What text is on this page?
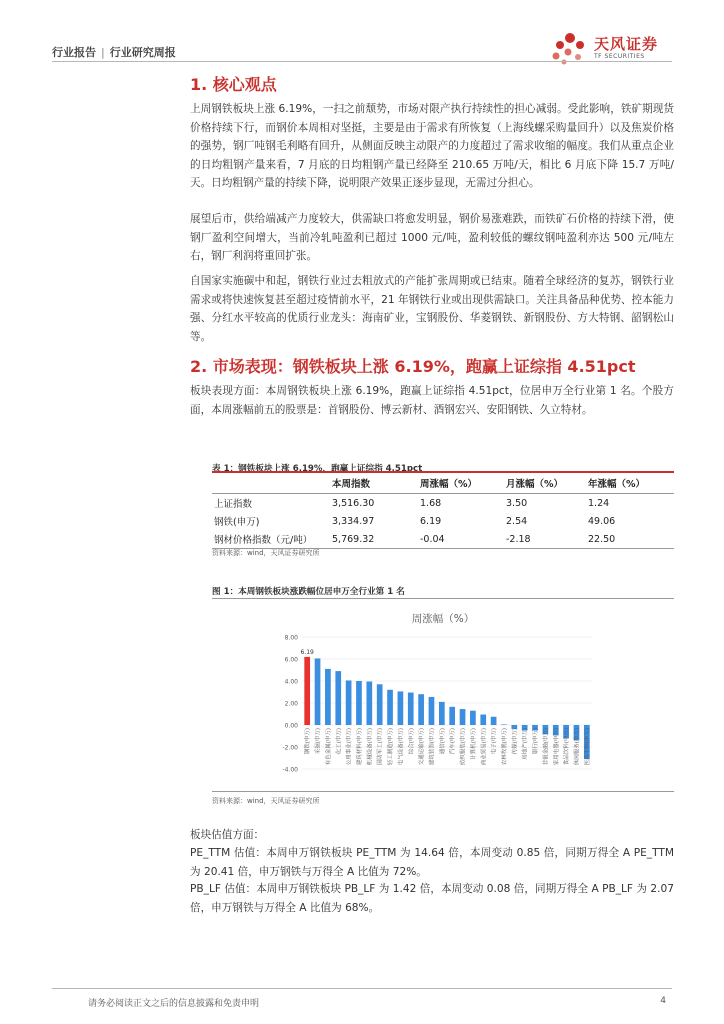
行业报告 | 行业研究周报	天风证券
TF SECURITIES
1. 核心观点
上周钢铁板块上涨 6.19%，一扫之前颓势，市场对限产执行持续性的担心减弱。受此影响，铁矿期现货价格持续下行，而钢价本周相对坚挺，主要是由于需求有所恢复（上海线螺采购量回升）以及焦炭价格的强势，钢厂吨钢毛利略有回升，从侧面反映主动限产的力度超过了需求收缩的幅度。我们从重点企业的日均粗钢产量来看，7 月底的日均粗钢产量已经降至 210.65 万吨/天，相比 6 月底下降 15.7 万吨/天。日均粗钢产量的持续下降，说明限产效果正逐步显现，无需过分担心。
展望后市，供给端减产力度较大，供需缺口将愈发明显，钢价易涨难跌，而铁矿石价格的持续下滑，使钢厂盈利空间增大，当前冷轧吨盈利已超过 1000 元/吨，盈利较低的螺纹钢吨盈利亦达 500 元/吨左右，钢厂利润将重回扩张。
自国家实施碳中和起，钢铁行业过去粗放式的产能扩张周期或已结束。随着全球经济的复苏，钢铁行业需求或将快速恢复甚至超过疫情前水平，21 年钢铁行业或出现供需缺口。关注具备品种优势、控本能力强、分红水平较高的优质行业龙头：海南矿业，宝钢股份、华菱钢铁、新钢股份、方大特钢、韶钢松山等。
2. 市场表现：钢铁板块上涨 6.19%，跑赢上证综指 4.51pct
板块表现方面：本周钢铁板块上涨 6.19%，跑赢上证综指 4.51pct，位居申万全行业第 1 名。个股方面，本周涨幅前五的股票是：首钢股份、博云新材、酒钢宏兴、安阳钢铁、久立特材。
表 1：钢铁板块上涨 6.19%，跑赢上证综指 4.51pct
	本周指数	周涨幅（%）	月涨幅（%）	年涨幅（%）
上证指数	3,516.30	1.68	3.50	1.24
钢铁(申万)	3,334.97	6.19	2.54	49.06
钢材价格指数（元/吨）	5,769.32	-0.04	-2.18	22.50
资料来源：wind，天风证券研究所
图 1：本周钢铁板块涨跌幅位居申万全行业第 1 名
周涨幅（%）
8.00
6.00
4.00
2.00
0.00
-2.00
-4.00
6.19
钢铁(申万) 采掘(申万) 有色金属(申万) 化工(申万) 公用事业(申万) 建筑材料(申万) 机械设备(申万) 国防军工(申万) 轻工制造(申万) 电气设备(申万) 综合(申万) 交通运输(申万) 建筑装饰(申万) 通信(申万) 汽车(申万) 纺织服装(申万) 计算机(申万) 商业贸易(申万) 电子(申万) 农林牧渔(申万) 传媒(申万) 房地产(申万) 银行(申万) 非银金融(申万) 家用电器(申万) 食品饮料(申万) 休闲服务(申万) 医药生物(申万)
资料来源：wind，天风证券研究所
板块估值方面：
PE_TTM 估值：本周申万钢铁板块 PE_TTM 为 14.64 倍，本周变动 0.85 倍，同期万得全 A PE_TTM 为 20.41 倍，申万钢铁与万得全 A 比值为 72%。
PB_LF 估值：本周申万钢铁板块 PB_LF 为 1.42 倍，本周变动 0.08 倍，同期万得全 A PB_LF 为 2.07 倍，申万钢铁与万得全 A 比值为 68%。
请务必阅读正文之后的信息披露和免责申明	4
